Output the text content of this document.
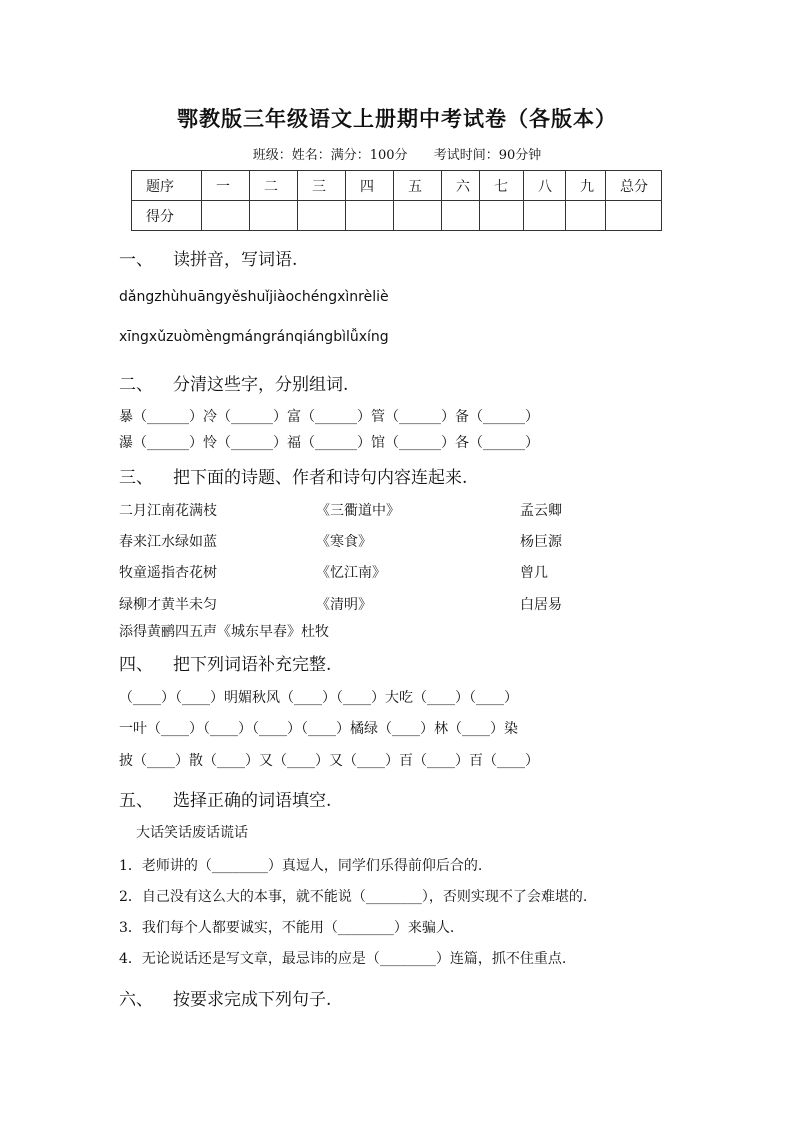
鄂教版三年级语文上册期中考试卷（各版本）
班级：姓名：满分：100分 考试时间：90分钟
题序	一	二	三	四	五	六	七	八	九	总分
得分										
一、 读拼音，写词语.
dǎngzhùhuāngyěshuǐjiàochéngxìnrèliè
xīngxǔzuòmèngmángránqiángbìlǚxíng
二、 分清这些字，分别组词.
暴（______）冷（______）富（______）管（______）备（______）
瀑（______）怜（______）福（______）馆（______）各（______）
三、 把下面的诗题、作者和诗句内容连起来.
二月江南花满枝	《三衢道中》	孟云卿
春来江水绿如蓝	《寒食》	杨巨源
牧童遥指杏花树	《忆江南》	曾几
绿柳才黄半未匀	《清明》	白居易
添得黄鹂四五声《城东早春》杜牧
四、 把下列词语补充完整.
（____）（____）明媚秋风（____）（____）大吃（____）（____）
一叶（____）（____）（____）（____）橘绿（____）林（____）染
披（____）散（____）又（____）又（____）百（____）百（____）
五、 选择正确的词语填空.
大话笑话废话谎话
1．老师讲的（________）真逗人，同学们乐得前仰后合的.
2．自己没有这么大的本事，就不能说（________），否则实现不了会难堪的.
3．我们每个人都要诚实，不能用（________）来骗人.
4．无论说话还是写文章，最忌讳的应是（________）连篇，抓不住重点.
六、 按要求完成下列句子.
